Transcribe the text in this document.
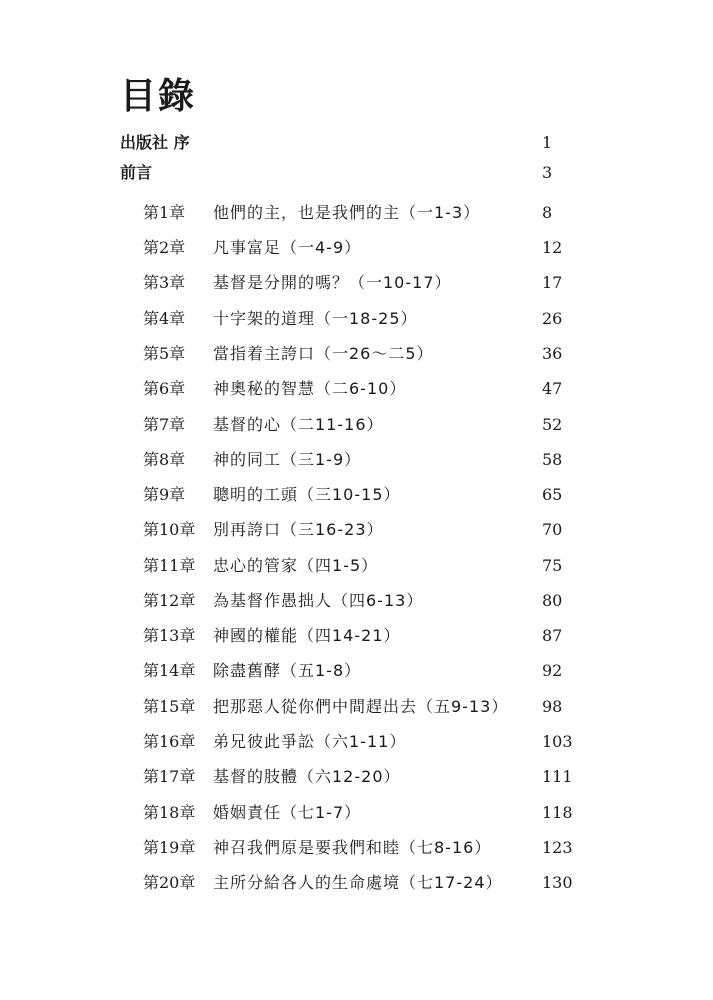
目錄
出版社 序	1
前言	3
第1章 他們的主，也是我們的主（一1-3）	8
第2章 凡事富足（一4-9）	12
第3章 基督是分開的嗎？（一10-17）	17
第4章 十字架的道理（一18-25）	26
第5章 當指着主誇口（一26～二5）	36
第6章 神奧秘的智慧（二6-10）	47
第7章 基督的心（二11-16）	52
第8章 神的同工（三1-9）	58
第9章 聰明的工頭（三10-15）	65
第10章 別再誇口（三16-23）	70
第11章 忠心的管家（四1-5）	75
第12章 為基督作愚拙人（四6-13）	80
第13章 神國的權能（四14-21）	87
第14章 除盡舊酵（五1-8）	92
第15章 把那惡人從你們中間趕出去（五9-13） 98
第16章 弟兄彼此爭訟（六1-11）	103
第17章 基督的肢體（六12-20）	111
第18章 婚姻責任（七1-7）	118
第19章 神召我們原是要我們和睦（七8-16）	123
第20章 主所分給各人的生命處境（七17-24） 130
